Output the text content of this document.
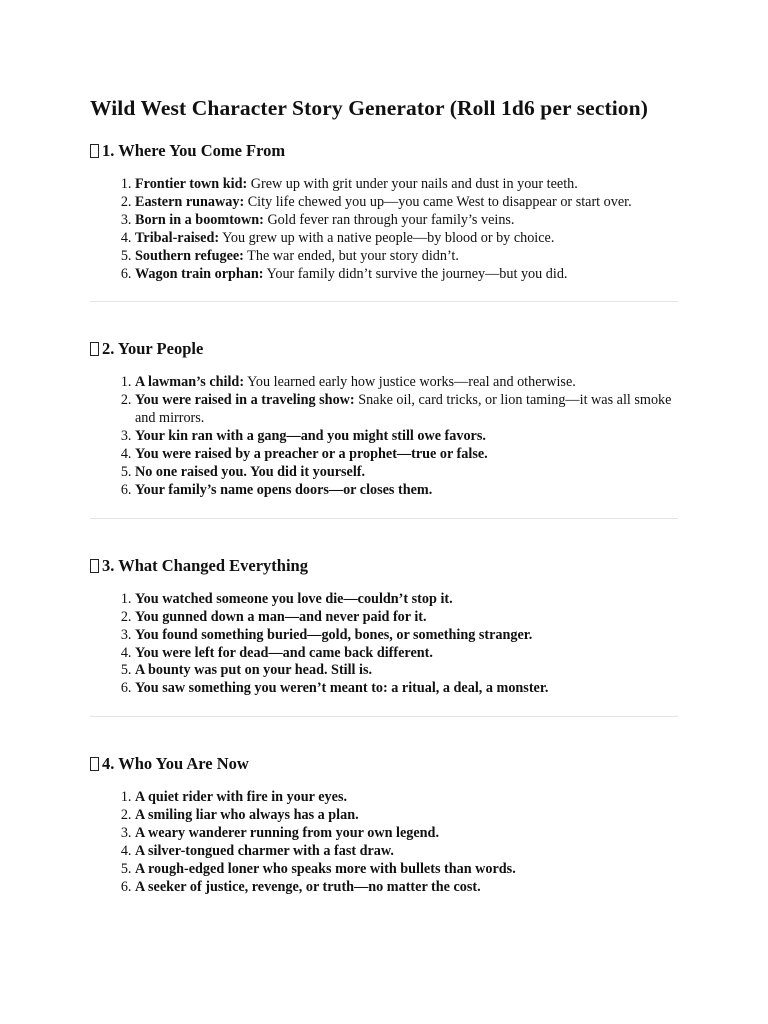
Wild West Character Story Generator (Roll 1d6 per section)
1. Where You Come From
1. Frontier town kid: Grew up with grit under your nails and dust in your teeth.
2. Eastern runaway: City life chewed you up—you came West to disappear or start over.
3. Born in a boomtown: Gold fever ran through your family’s veins.
4. Tribal-raised: You grew up with a native people—by blood or by choice.
5. Southern refugee: The war ended, but your story didn’t.
6. Wagon train orphan: Your family didn’t survive the journey—but you did.
2. Your People
1. A lawman’s child: You learned early how justice works—real and otherwise.
2. You were raised in a traveling show: Snake oil, card tricks, or lion taming—it was all smoke and mirrors.
3. Your kin ran with a gang—and you might still owe favors.
4. You were raised by a preacher or a prophet—true or false.
5. No one raised you. You did it yourself.
6. Your family’s name opens doors—or closes them.
3. What Changed Everything
1. You watched someone you love die—couldn’t stop it.
2. You gunned down a man—and never paid for it.
3. You found something buried—gold, bones, or something stranger.
4. You were left for dead—and came back different.
5. A bounty was put on your head. Still is.
6. You saw something you weren’t meant to: a ritual, a deal, a monster.
4. Who You Are Now
1. A quiet rider with fire in your eyes.
2. A smiling liar who always has a plan.
3. A weary wanderer running from your own legend.
4. A silver-tongued charmer with a fast draw.
5. A rough-edged loner who speaks more with bullets than words.
6. A seeker of justice, revenge, or truth—no matter the cost.
